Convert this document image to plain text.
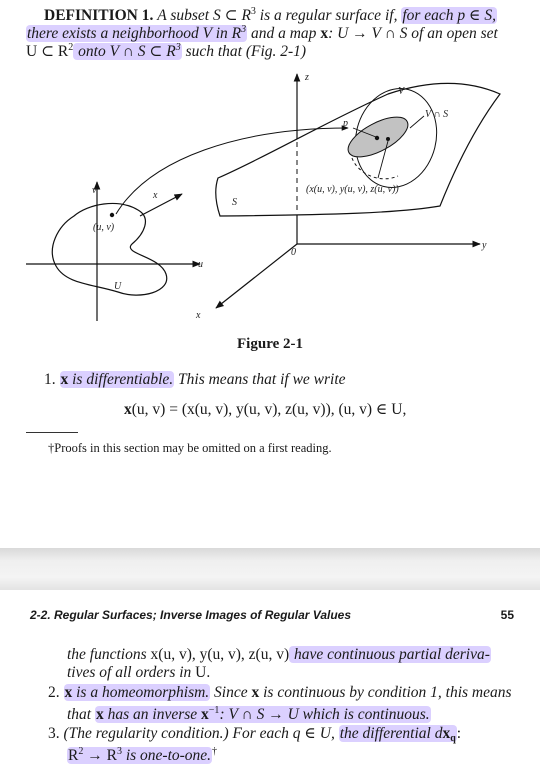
DEFINITION 1. A subset S ⊂ $R^3$ is a regular surface if, for each p ∈ S,
there exists a neighborhood V in $R^3$ and a map x: U → V ∩ S of an open set
U ⊂ $R^2$ onto V ∩ S ⊂ $R^3$ such that (Fig. 2-1)
v
u
(u, v)
U
x
z
y
x
0
S
V
p
V ∩ S
(x(u, v), y(u, v), z(u, v))
Figure 2-1
1. x is differentiable. This means that if we write
x(u, v) = (x(u, v), y(u, v), z(u, v)), (u, v) ∈ U,
†Proofs in this section may be omitted on a first reading.
2-2. Regular Surfaces; Inverse Images of Regular Values	55
the functions x(u, v), y(u, v), z(u, v) have continuous partial deriva-
tives of all orders in U.
2. x is a homeomorphism. Since x is continuous by condition 1, this means
that x has an inverse $x^{-1}$: V ∩ S → U which is continuous.
3. (The regularity condition.) For each q ∈ U, the differential dxq:
$R^2 \to R^3$ is one-to-one.†
